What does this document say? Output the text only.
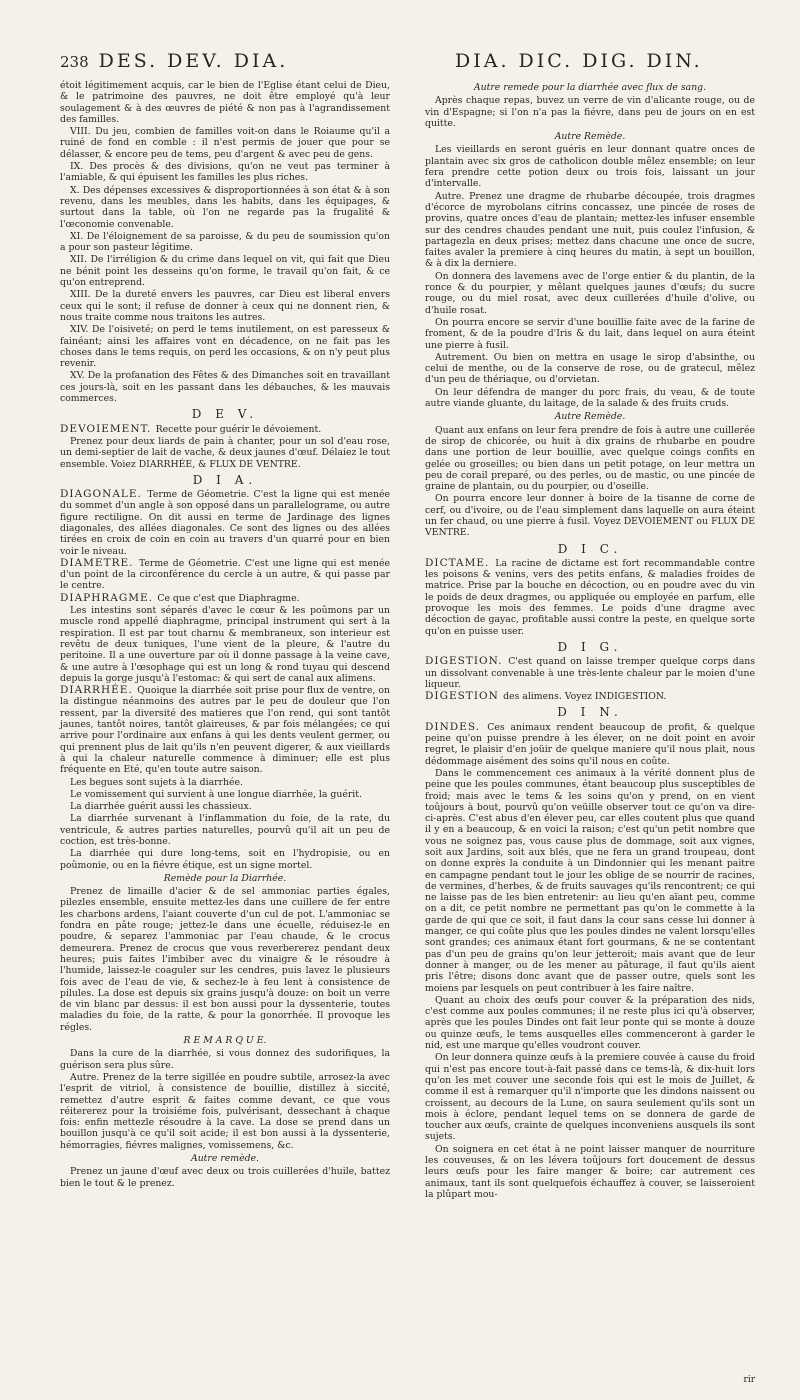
238 DES. DEV. DIA.	DIA. DIC. DIG. DIN.

étoit légitimement acquis, car le bien de l'Eglise étant celui de Dieu, & le patrimoine des pauvres, ne doit être employé qu'à leur soulagement & à des œuvres de piété & non pas à l'agrandissement des familles.

VIII. Du jeu, combien de familles voit-on dans le Roiaume qu'il a ruiné de fond en comble : il n'est permis de jouer que pour se délasser, & encore peu de tems, peu d'argent & avec peu de gens.

IX. Des procès & des divisions, qu'on ne veut pas terminer à l'amiable, & qui épuisent les familles les plus riches.

X. Des dépenses excessives & disproportionnées à son état & à son revenu, dans les meubles, dans les habits, dans les équipages, & surtout dans la table, où l'on ne regarde pas la frugalité & l'œconomie convenable.

XI. De l'éloignement de sa paroisse, & du peu de soumission qu'on a pour son pasteur légitime.

XII. De l'irréligion & du crime dans lequel on vit, qui fait que Dieu ne bénit point les desseins qu'on forme, le travail qu'on fait, & ce qu'on entreprend.

XIII. De la dureté envers les pauvres, car Dieu est liberal envers ceux qui le sont; il refuse de donner à ceux qui ne donnent rien, & nous traite comme nous traitons les autres.

XIV. De l'oisiveté; on perd le tems inutilement, on est paresseux & fainéant; ainsi les affaires vont en décadence, on ne fait pas les choses dans le tems requis, on perd les occasions, & on n'y peut plus revenir.

XV. De la profanation des Fêtes & des Dimanches soit en travaillant ces jours-là, soit en les passant dans les débauches, & les mauvais commerces.

D E V.

DEVOIEMENT. Recette pour guérir le dévoiement.

Prenez pour deux liards de pain à chanter, pour un sol d'eau rose, un demi-septier de lait de vache, & deux jaunes d'œuf. Délaiez le tout ensemble. Voiez DIARRHÉE, & FLUX DE VENTRE.

D I A.

DIAGONALE. Terme de Géometrie. C'est la ligne qui est menée du sommet d'un angle à son opposé dans un parallelograme, ou autre figure rectiligne. On dit aussi en terme de Jardinage des lignes diagonales, des allées diagonales. Ce sont des lignes ou des allées tirées en croix de coin en coin au travers d'un quarré pour en bien voir le niveau.

DIAMETRE. Terme de Géometrie. C'est une ligne qui est menée d'un point de la circonférence du cercle à un autre, & qui passe par le centre.

DIAPHRAGME. Ce que c'est que Diaphragme.

Les intestins sont séparés d'avec le cœur & les poûmons par un muscle rond appellé diaphragme, principal instrument qui sert à la respiration. Il est par tout charnu & membraneux, son interieur est revêtu de deux tuniques, l'une vient de la pleure, & l'autre du peritoine. Il a une ouverture par où il donne passage à la veine cave, & une autre à l'œsophage qui est un long & rond tuyau qui descend depuis la gorge jusqu'à l'estomac: & qui sert de canal aux alimens.

DIARRHÉE. Quoique la diarrhée soit prise pour flux de ventre, on la distingue néanmoins des autres par le peu de douleur que l'on ressent, par la diversité des matieres que l'on rend, qui sont tantôt jaunes, tantôt noires, tantôt glaireuses, & par fois mélangées; ce qui arrive pour l'ordinaire aux enfans à qui les dents veulent germer, ou qui prennent plus de lait qu'ils n'en peuvent digerer, & aux vieillards à qui la chaleur naturelle commence à diminuer; elle est plus fréquente en Eté, qu'en toute autre saison.

Les begues sont sujets à la diarrhée.

Le vomissement qui survient à une longue diarrhée, la guérit.

La diarrhée guérit aussi les chassieux.

La diarrhée survenant à l'inflammation du foie, de la rate, du ventricule, & autres parties naturelles, pourvû qu'il ait un peu de coction, est très-bonne.

La diarrhée qui dure long-tems, soit en l'hydropisie, ou en poûmonie, ou en la fiévre étique, est un signe mortel.

Remède pour la Diarrhée.

Prenez de limaille d'acier & de sel ammoniac parties égales, pilezles ensemble, ensuite mettez-les dans une cuillere de fer entre les charbons ardens, l'aiant couverte d'un cul de pot. L'ammoniac se fondra en pâte rouge; jettez-le dans une écuelle, réduisez-le en poudre, & separez l'ammoniac par l'eau chaude, & le crocus demeurera. Prenez de crocus que vous reverbererez pendant deux heures; puis faites l'imbiber avec du vinaigre & le résoudre à l'humide, laissez-le coaguler sur les cendres, puis lavez le plusieurs fois avec de l'eau de vie, & sechez-le à feu lent à consistence de pilules. La dose est depuis six grains jusqu'à douze: on boit un verre de vin blanc par dessus: il est bon aussi pour la dyssenterie, toutes maladies du foie, de la ratte, & pour la gonorrhée. Il provoque les régles.

R E M A R Q U E.

Dans la cure de la diarrhée, si vous donnez des sudorifiques, la guérison sera plus sûre.

Autre. Prenez de la terre sigillée en poudre subtile, arrosez-la avec l'esprit de vitriol, à consistence de bouillie, distillez à siccité, remettez d'autre esprit & faites comme devant, ce que vous réitererez pour la troisiéme fois, pulvérisant, dessechant à chaque fois: enfin mettezle résoudre à la cave. La dose se prend dans un bouillon jusqu'à ce qu'il soit acide; il est bon aussi à la dyssenterie, hémorragies, fiévres malignes, vomissemens, &c.

Autre remède.

Prenez un jaune d'œuf avec deux ou trois cuillerées d'huile, battez bien le tout & le prenez.

Autre remede pour la diarrhée avec flux de sang.

Après chaque repas, buvez un verre de vin d'alicante rouge, ou de vin d'Espagne; si l'on n'a pas la fiévre, dans peu de jours on en est quitte.

Autre Remède.

Les vieillards en seront guéris en leur donnant quatre onces de plantain avec six gros de catholicon double mêlez ensemble; on leur fera prendre cette potion deux ou trois fois, laissant un jour d'intervalle.

Autre. Prenez une dragme de rhubarbe découpée, trois dragmes d'écorce de myrobolans citrins concassez, une pincée de roses de provins, quatre onces d'eau de plantain; mettez-les infuser ensemble sur des cendres chaudes pendant une nuit, puis coulez l'infusion, & partagezla en deux prises; mettez dans chacune une once de sucre, faites avaler la premiere à cinq heures du matin, à sept un bouillon, & à dix la derniere.

On donnera des lavemens avec de l'orge entier & du plantin, de la ronce & du pourpier, y mêlant quelques jaunes d'œufs; du sucre rouge, ou du miel rosat, avec deux cuillerées d'huile d'olive, ou d'huile rosat.

On pourra encore se servir d'une bouillie faite avec de la farine de froment, & de la poudre d'Iris & du lait, dans lequel on aura éteint une pierre à fusil.

Autrement. Ou bien on mettra en usage le sirop d'absinthe, ou celui de menthe, ou de la conserve de rose, ou de gratecul, mêlez d'un peu de thériaque, ou d'orvietan.

On leur défendra de manger du porc frais, du veau, & de toute autre viande gluante, du laitage, de la salade & des fruits cruds.

Autre Remède.

Quant aux enfans on leur fera prendre de fois à autre une cuillerée de sirop de chicorée, ou huit à dix grains de rhubarbe en poudre dans une portion de leur bouillie, avec quelque coings confits en gelée ou groseilles; ou bien dans un petit potage, on leur mettra un peu de corail preparé, ou des perles, ou de mastic, ou une pincée de graine de plantain, ou du pourpier, ou d'oseille.

On pourra encore leur donner à boire de la tisanne de corne de cerf, ou d'ivoire, ou de l'eau simplement dans laquelle on aura éteint un fer chaud, ou une pierre à fusil. Voyez DEVOIEMENT ou FLUX DE VENTRE.

D I C.

DICTAME. La racine de dictame est fort recommandable contre les poisons & venins, vers des petits enfans, & maladies froides de matrice. Prise par la bouche en décoction, ou en poudre avec du vin le poids de deux dragmes, ou appliquée ou employée en parfum, elle provoque les mois des femmes. Le poids d'une dragme avec décoction de gayac, profitable aussi contre la peste, en quelque sorte qu'on en puisse user.

D I G.

DIGESTION. C'est quand on laisse tremper quelque corps dans un dissolvant convenable à une très-lente chaleur par le moien d'une liqueur.

DIGESTION des alimens. Voyez INDIGESTION.

D I N.

DINDES. Ces animaux rendent beaucoup de profit, & quelque peine qu'on puisse prendre à les élever, on ne doit point en avoir regret, le plaisir d'en joüir de quelque maniere qu'il nous plait, nous dédommage aisément des soins qu'il nous en coûte.

Dans le commencement ces animaux à la vérité donnent plus de peine que les poules communes, étant beaucoup plus susceptibles de froid; mais avec le tems & les soins qu'on y prend, on en vient toûjours à bout, pourvû qu'on veüille observer tout ce qu'on va dire-ci-après. C'est abus d'en élever peu, car elles coutent plus que quand il y en a beaucoup, & en voici la raison; c'est qu'un petit nombre que vous ne soignez pas, vous cause plus de dommage, soit aux vignes, soit aux Jardins, soit aux blés, que ne fera un grand troupeau, dont on donne exprès la conduite à un Dindonnier qui les menant paitre en campagne pendant tout le jour les oblige de se nourrir de racines, de vermines, d'herbes, & de fruits sauvages qu'ils rencontrent; ce qui ne laisse pas de les bien entretenir: au lieu qu'en aïant peu, comme on a dit, ce petit nombre ne permettant pas qu'on le commette à la garde de qui que ce soit, il faut dans la cour sans cesse lui donner à manger, ce qui coûte plus que les poules dindes ne valent lorsqu'elles sont grandes; ces animaux étant fort gourmans, & ne se contentant pas d'un peu de grains qu'on leur jetteroit; mais avant que de leur donner à manger, ou de les mener au pâturage, il faut qu'ils aient pris l'être; disons donc avant que de passer outre, quels sont les moiens par lesquels on peut contribuer à les faire naître.

Quant au choix des œufs pour couver & la préparation des nids, c'est comme aux poules communes; il ne reste plus ici qu'à observer, après que les poules Dindes ont fait leur ponte qui se monte à douze ou quinze œufs, le tems ausquelles elles commenceront à garder le nid, est une marque qu'elles voudront couver.

On leur donnera quinze œufs à la premiere couvée à cause du froid qui n'est pas encore tout-à-fait passé dans ce tems-là, & dix-huit lors qu'on les met couver une seconde fois qui est le mois de Juillet, & comme il est à remarquer qu'il n'importe que les dindons naissent ou croissent, au decours de la Lune, on saura seulement qu'ils sont un mois à éclore, pendant lequel tems on se donnera de garde de toucher aux œufs, crainte de quelques inconveniens ausquels ils sont sujets.

On soignera en cet état à ne point laisser manquer de nourriture les couveuses, & on les lévera toûjours fort doucement de dessus leurs œufs pour les faire manger & boire; car autrement ces animaux, tant ils sont quelquefois échauffez à couver, se laisseroient la plûpart mou-

rir
